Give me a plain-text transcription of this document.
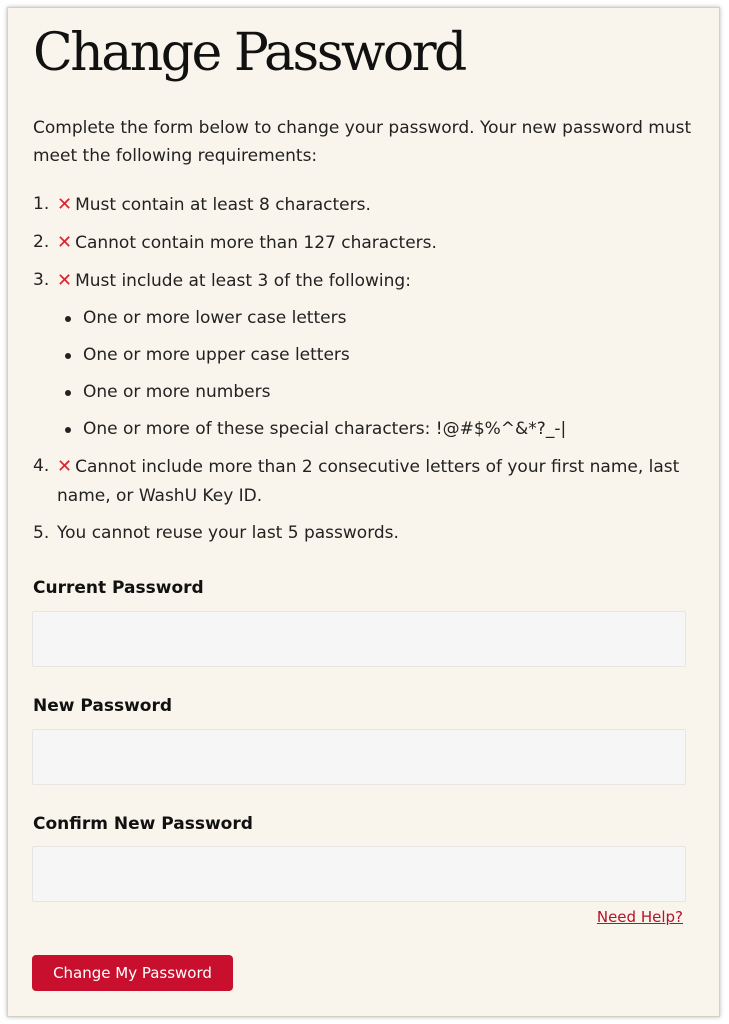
Change Password

Complete the form below to change your password. Your new password must meet the following requirements:

1. ✕ Must contain at least 8 characters.
2. ✕ Cannot contain more than 127 characters.
3. ✕ Must include at least 3 of the following:
One or more lower case letters
One or more upper case letters
One or more numbers
One or more of these special characters: !@#$%^&*?_-|
4. ✕ Cannot include more than 2 consecutive letters of your first name, last name, or WashU Key ID.
5. You cannot reuse your last 5 passwords.
Current Password
New Password
Confirm New Password
Need Help?
Change My Password
